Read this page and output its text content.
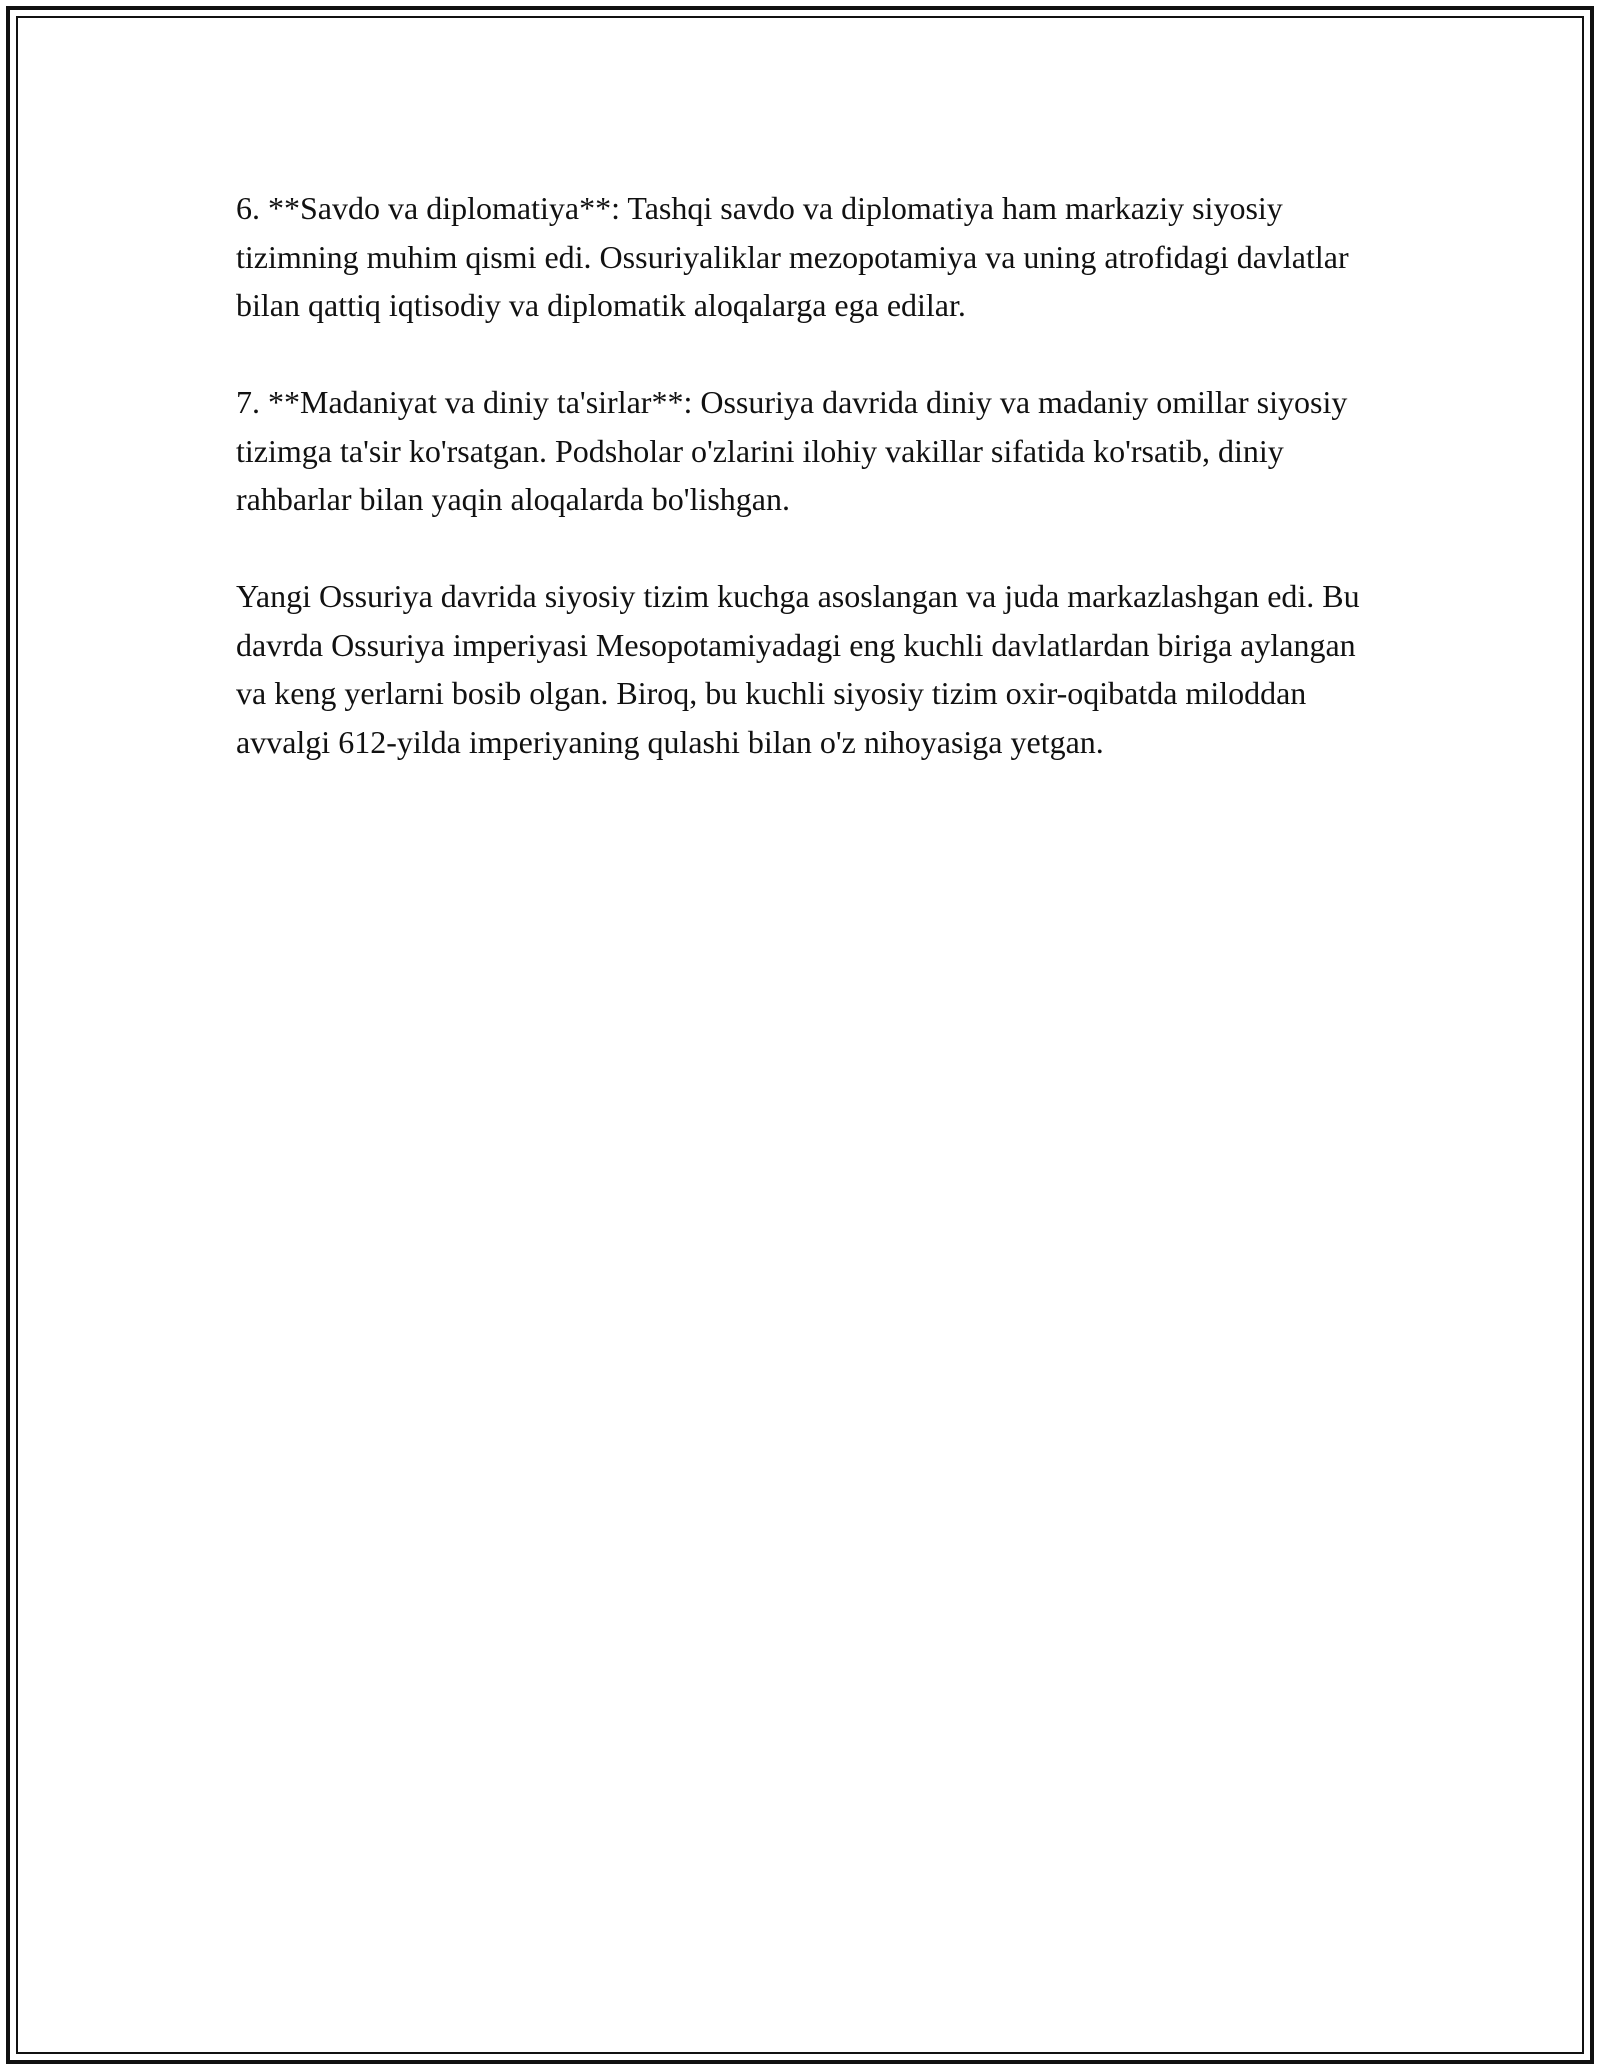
6. **Savdo va diplomatiya**: Tashqi savdo va diplomatiya ham markaziy siyosiy tizimning muhim qismi edi. Ossuriyaliklar mezopotamiya va uning atrofidagi davlatlar bilan qattiq iqtisodiy va diplomatik aloqalarga ega edilar.

7. **Madaniyat va diniy ta'sirlar**: Ossuriya davrida diniy va madaniy omillar siyosiy tizimga ta'sir ko'rsatgan. Podsholar o'zlarini ilohiy vakillar sifatida ko'rsatib, diniy rahbarlar bilan yaqin aloqalarda bo'lishgan.

Yangi Ossuriya davrida siyosiy tizim kuchga asoslangan va juda markazlashgan edi. Bu davrda Ossuriya imperiyasi Mesopotamiyadagi eng kuchli davlatlardan biriga aylangan va keng yerlarni bosib olgan. Biroq, bu kuchli siyosiy tizim oxir-oqibatda miloddan avvalgi 612-yilda imperiyaning qulashi bilan o'z nihoyasiga yetgan.
